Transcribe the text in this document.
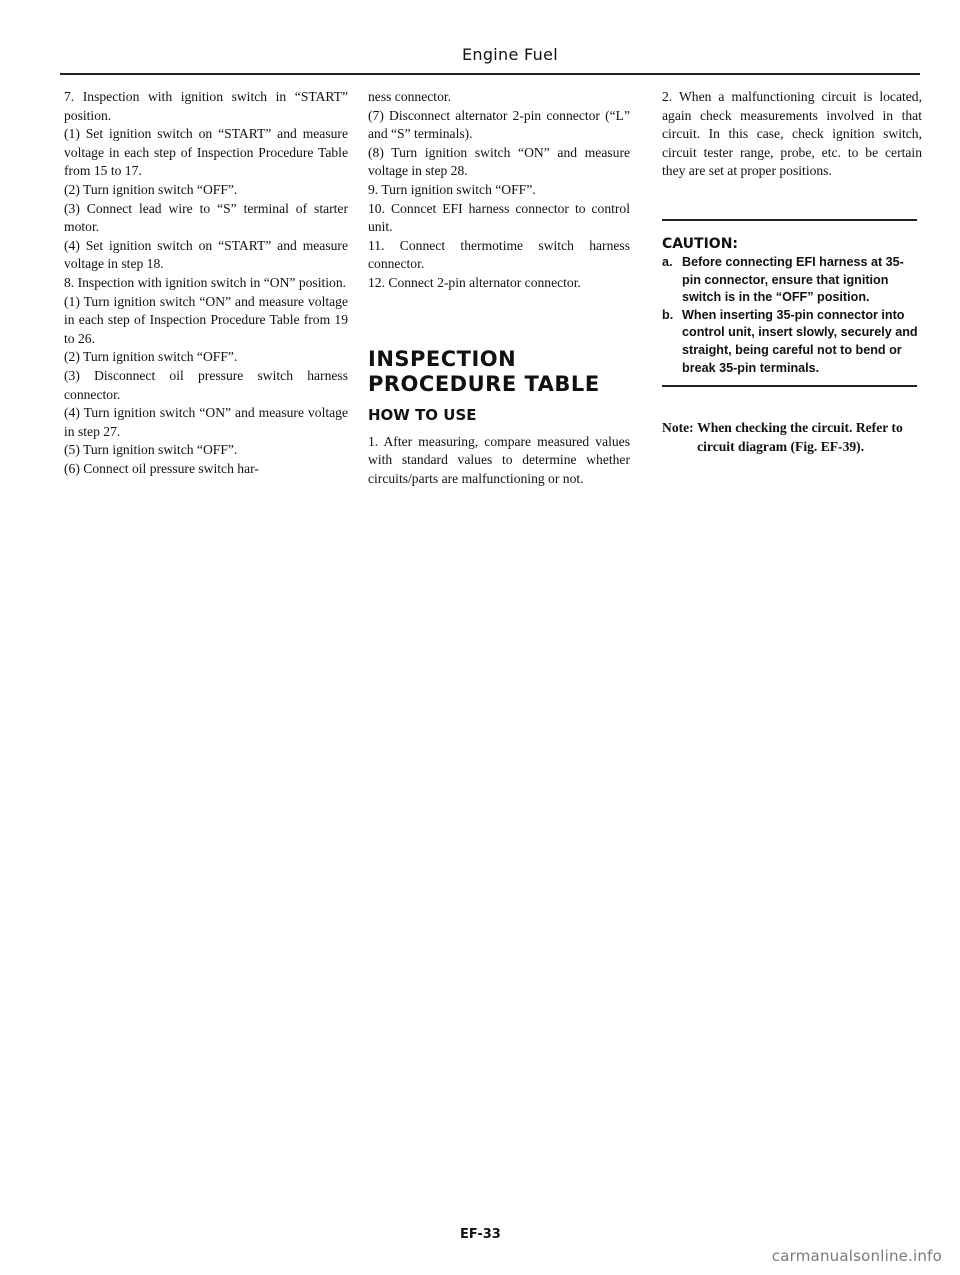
Engine Fuel

7. Inspection with ignition switch in “START” position.

(1) Set ignition switch on “START” and measure voltage in each step of Inspection Procedure Table from 15 to 17.

(2) Turn ignition switch “OFF”.

(3) Connect lead wire to “S” terminal of starter motor.

(4) Set ignition switch on “START” and measure voltage in step 18.

8. Inspection with ignition switch in “ON” position.

(1) Turn ignition switch “ON” and measure voltage in each step of Inspection Procedure Table from 19 to 26.

(2) Turn ignition switch “OFF”.

(3) Disconnect oil pressure switch harness connector.

(4) Turn ignition switch “ON” and measure voltage in step 27.

(5) Turn ignition switch “OFF”.

(6) Connect oil pressure switch har-

ness connector.

(7) Disconnect alternator 2-pin connector (“L” and “S” terminals).

(8) Turn ignition switch “ON” and measure voltage in step 28.

9. Turn ignition switch “OFF”.

10. Conncet EFI harness connector to control unit.

11. Connect thermotime switch harness connector.

12. Connect 2-pin alternator connector.

INSPECTION
PROCEDURE TABLE
HOW TO USE

1. After measuring, compare measured values with standard values to determine whether circuits/parts are malfunctioning or not.

2. When a malfunctioning circuit is located, again check measurements involved in that circuit. In this case, check ignition switch, circuit tester range, probe, etc. to be certain they are set at proper positions.

CAUTION:
a. Before connecting EFI harness at 35-pin connector, ensure that ignition switch is in the “OFF” position.
b. When inserting 35-pin connector into control unit, insert slowly, securely and straight, being careful not to bend or break 35-pin terminals.
Note: When checking the circuit. Refer to circuit diagram (Fig. EF-39).
EF-33
carmanualsonline.info
